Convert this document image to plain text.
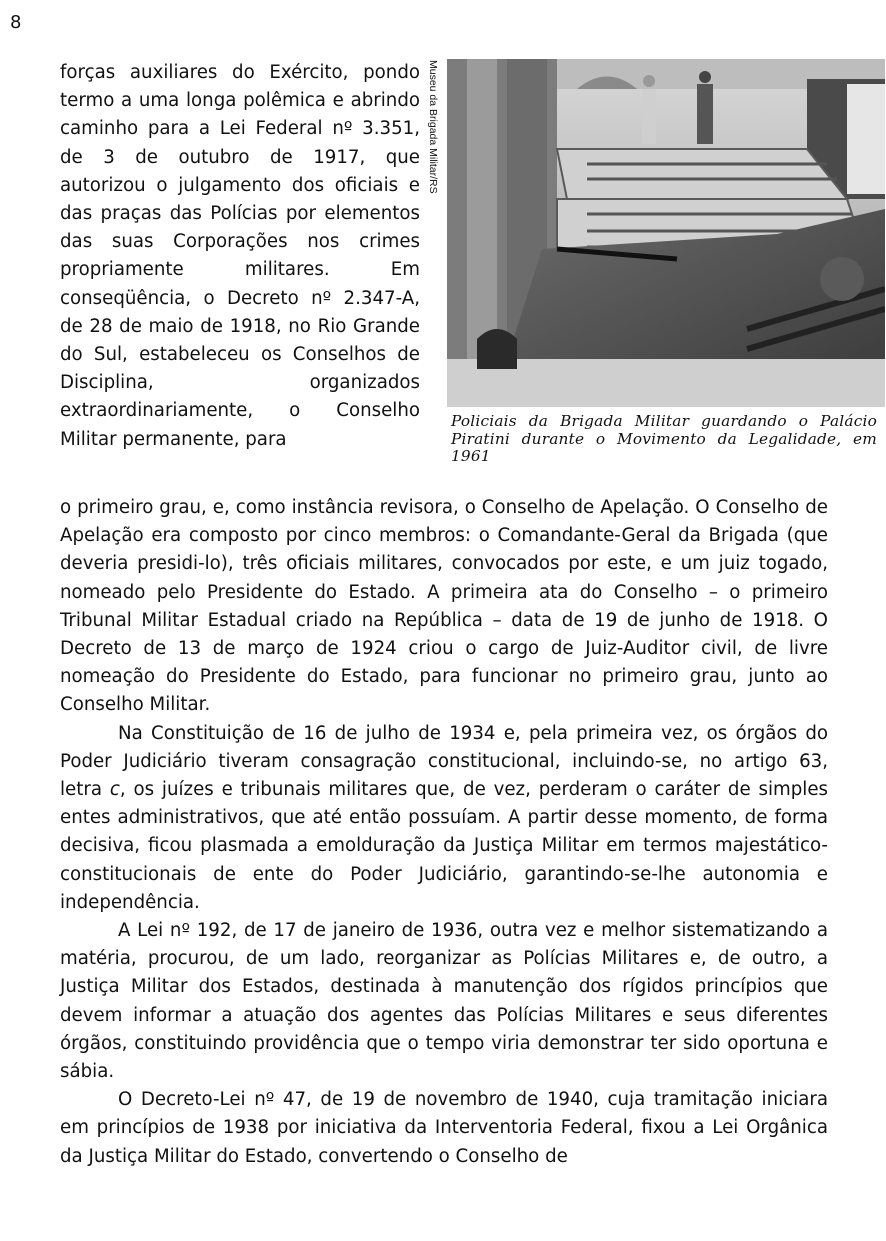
8

forças auxiliares do Exército, pondo termo a uma longa polêmica e abrindo caminho para a Lei Federal nº 3.351, de 3 de outubro de 1917, que autorizou o julgamento dos oficiais e das praças das Polícias por elementos das suas Corporações nos crimes propriamente militares. Em conseqüência, o Decreto nº 2.347-A, de 28 de maio de 1918, no Rio Grande do Sul, estabeleceu os Conselhos de Disciplina, organizados extraordinariamente, o Conselho Militar permanente, para

Museu da Brigada Militar/RS
Policiais da Brigada Militar guardando o Palácio Piratini durante o Movimento da Legalidade, em 1961

o primeiro grau, e, como instância revisora, o Conselho de Apelação. O Conselho de Apelação era composto por cinco membros: o Comandante-Geral da Brigada (que deveria presidi-lo), três oficiais militares, convocados por este, e um juiz togado, nomeado pelo Presidente do Estado. A primeira ata do Conselho – o primeiro Tribunal Militar Estadual criado na República – data de 19 de junho de 1918. O Decreto de 13 de março de 1924 criou o cargo de Juiz-Auditor civil, de livre nomeação do Presidente do Estado, para funcionar no primeiro grau, junto ao Conselho Militar.

Na Constituição de 16 de julho de 1934 e, pela primeira vez, os órgãos do Poder Judiciário tiveram consagração constitucional, incluindo-se, no artigo 63, letra c, os juízes e tribunais militares que, de vez, perderam o caráter de simples entes administrativos, que até então possuíam. A partir desse momento, de forma decisiva, ficou plasmada a emolduração da Justiça Militar em termos majestático-constitucionais de ente do Poder Judiciário, garantindo-se-lhe autonomia e independência.

A Lei nº 192, de 17 de janeiro de 1936, outra vez e melhor sistematizando a matéria, procurou, de um lado, reorganizar as Polícias Militares e, de outro, a Justiça Militar dos Estados, destinada à manutenção dos rígidos princípios que devem informar a atuação dos agentes das Polícias Militares e seus diferentes órgãos, constituindo providência que o tempo viria demonstrar ter sido oportuna e sábia.

O Decreto-Lei nº 47, de 19 de novembro de 1940, cuja tramitação iniciara em princípios de 1938 por iniciativa da Interventoria Federal, fixou a Lei Orgânica da Justiça Militar do Estado, convertendo o Conselho de
